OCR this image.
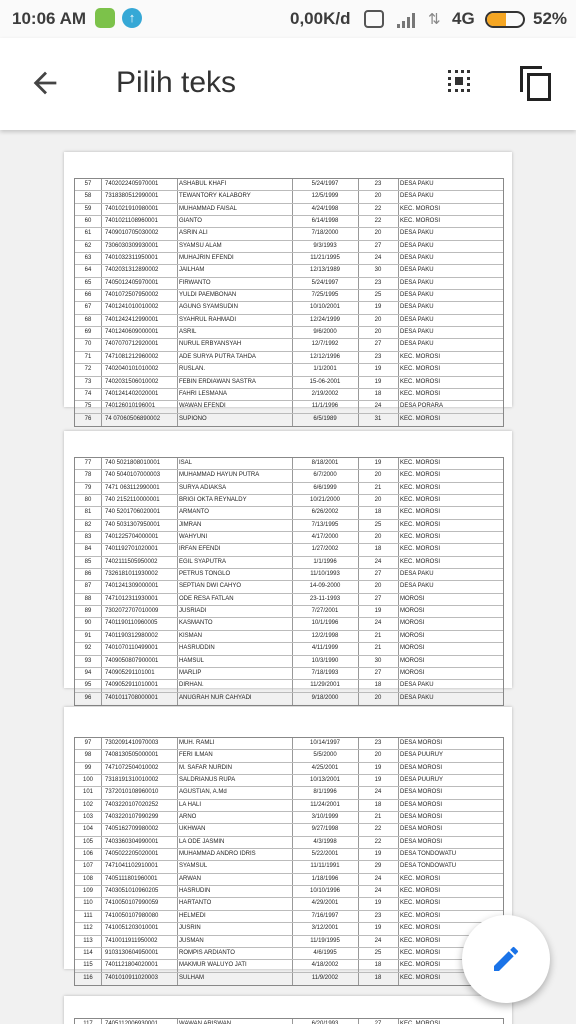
10:06 AM	↑	0,00K/d	⇅ 4G	52%
Pilih teks
57	7402022405970001	ASHABUL KHAFI	5/24/1997	23	DESA PAKU
58	7318380512990001	TEWANTORY KALABORY	12/5/1999	20	DESA PAKU
59	7401021910980001	MUHAMMAD FAISAL	4/24/1998	22	KEC. MOROSI
60	7401021108960001	GIANTO	6/14/1998	22	KEC. MOROSI
61	7409010705030002	ASRIN ALI	7/18/2000	20	DESA PAKU
62	7306030309930001	SYAMSU ALAM	9/3/1993	27	DESA PAKU
63	7401032311950001	MUHAJRIN EFENDI	11/21/1995	24	DESA PAKU
64	7402031312890002	JAILHAM	12/13/1989	30	DESA PAKU
65	7405012405970001	FIRWANTO	5/24/1997	23	DESA PAKU
66	7401072507950002	YULDI PAEMBONAN	7/25/1995	25	DESA PAKU
67	7401241010010002	AGUNG SYAMSUDIN	10/10/2001	19	DESA PAKU
68	7401242412990001	SYAHRUL RAHMADI	12/24/1999	20	DESA PAKU
69	7401240609000001	ASRIL	9/6/2000	20	DESA PAKU
70	7407070712920001	NURUL ERBYANSYAH	12/7/1992	27	DESA PAKU
71	7471081212960002	ADE SURYA PUTRA TAHDA	12/12/1996	23	KEC. MOROSI
72	7402040101010002	RUSLAN.	1/1/2001	19	KEC. MOROSI
73	7402031506010002	FEBIN ERDIAWAN SASTRA	15-06-2001	19	KEC. MOROSI
74	7401241402020001	FAHRI LESMANA	2/19/2002	18	KEC. MOROSI
75	740126010196001	WAWAN EFENDI	11/1/1996	24	DESA PORARA
76	74 07060506890002	SUPIONO	6/5/1989	31	KEC. MOROSI
77	740 5021808010001	ISAL	8/18/2001	19	KEC. MOROSI
78	740 5040107000003	MUHAMMAD HAYUN PUTRA	6/7/2000	20	KEC. MOROSI
79	7471 063112990001	SURYA ADIAKSA	6/6/1999	21	KEC. MOROSI
80	740 2152110000001	BRIGI OKTA REYNALDY	10/21/2000	20	KEC. MOROSI
81	740 5201706020001	ARMANTO	6/26/2002	18	KEC. MOROSI
82	740 5031307950001	JIMRAN	7/13/1995	25	KEC. MOROSI
83	7401225704000001	WAHYUNI	4/17/2000	20	KEC. MOROSI
84	7401192701020001	IRFAN EFENDI	1/27/2002	18	KEC. MOROSI
85	7402111505950002	EGIL SYAPUTRA	1/1/1996	24	KEC. MOROSI
86	7326181011930002	PETRUS TONGLO	11/10/1993	27	DESA PAKU
87	7401241309000001	SEPTIAN DWI CAHYO	14-09-2000	20	DESA PAKU
88	7471012311930001	ODE RESA FATLAN	23-11-1993	27	MOROSI
89	7302072707010009	JUSRIADI	7/27/2001	19	MOROSI
90	7401190110960005	KASMANTO	10/1/1996	24	MOROSI
91	7401190312980002	KISMAN	12/2/1998	21	MOROSI
92	7401070110499001	HASRUDDIN	4/11/1999	21	MOROSI
93	7409050807900001	HAMSUL	10/3/1990	30	MOROSI
94	740905291101001	MARLIP	7/18/1993	27	MOROSI
95	7409052911010001	DIRHAN.	11/29/2001	18	DESA PAKU
96	7401011708000001	ANUGRAH NUR CAHYADI	9/18/2000	20	DESA PAKU
97	7302091410970003	MUH. RAMLI	10/14/1997	23	DESA MOROSI
98	7408130505000001	FERI ILMAN	5/5/2000	20	DESA PUURUY
99	7471072504010002	M. SAFAR NURDIN	4/25/2001	19	DESA MOROSI
100	7318191310010002	SALDRIANUS RUPA	10/13/2001	19	DESA PUURUY
101	7372010108960010	AGUSTIAN, A.Md	8/1/1996	24	DESA MOROSI
102	7403220107020252	LA HALI	11/24/2001	18	DESA MOROSI
103	7403220107990299	ARNO	3/10/1999	21	DESA MOROSI
104	7405162709980002	UKHWAN	9/27/1998	22	DESA MOROSI
105	7403360304990001	LA ODE JASMIN	4/3/1998	22	DESA MOROSI
106	7405022205020001	MUHAMMAD ANDRO IDRIS	5/22/2001	19	DESA TONDOWATU
107	7471041102910001	SYAMSUL	11/11/1991	29	DESA TONDOWATU
108	7405111801960001	ARWAN	1/18/1996	24	KEC. MOROSI
109	7403051010960205	HASRUDIN	10/10/1996	24	KEC. MOROSI
110	7410050107990059	HARTANTO	4/29/2001	19	KEC. MOROSI
111	7410050107980080	HELMEDI	7/16/1997	23	KEC. MOROSI
112	7410051203010001	JUSRIN	3/12/2001	19	KEC. MOROSI
113	7410011911950002	JUSMAN	11/19/1995	24	KEC. MOROSI
114	9103130604950001	ROMPIS ARDIANTO	4/6/1995	25	KEC. MOROSI
115	7401121804020001	MAKMUR WALUYO JATI	4/18/2002	18	KEC. MOROSI
116	7401010911020003	SULHAM	11/9/2002	18	KEC. MOROSI
117	7405112006930001	WAWAN ARISWAN	6/20/1993	27	KEC. MOROSI
